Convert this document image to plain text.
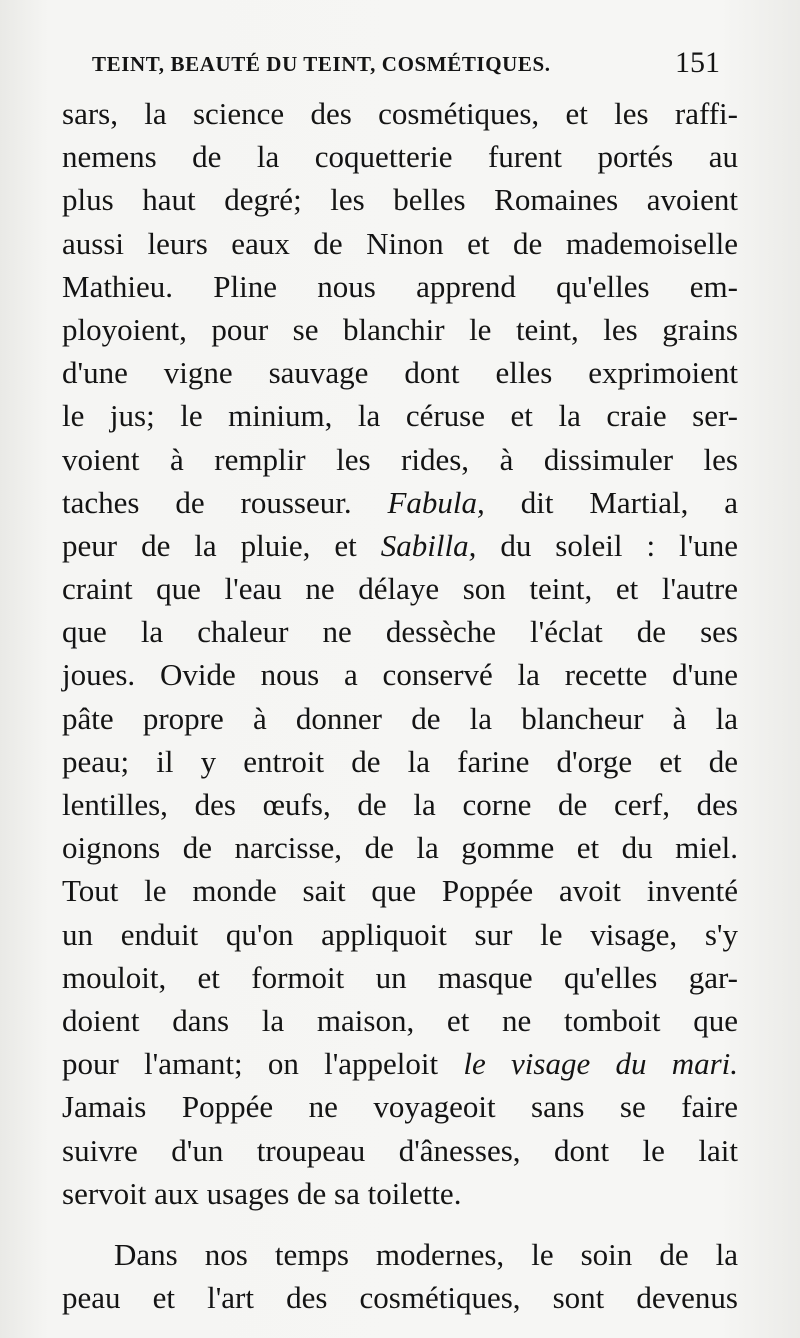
TEINT, BEAUTÉ DU TEINT, COSMÉTIQUES.	151
sars, la science des cosmétiques, et les raffi-
nemens de la coquetterie furent portés au
plus haut degré; les belles Romaines avoient
aussi leurs eaux de Ninon et de mademoiselle
Mathieu. Pline nous apprend qu'elles em-
ployoient, pour se blanchir le teint, les grains
d'une vigne sauvage dont elles exprimoient
le jus; le minium, la céruse et la craie ser-
voient à remplir les rides, à dissimuler les
taches de rousseur. Fabula, dit Martial, a
peur de la pluie, et Sabilla, du soleil : l'une
craint que l'eau ne délaye son teint, et l'autre
que la chaleur ne dessèche l'éclat de ses
joues. Ovide nous a conservé la recette d'une
pâte propre à donner de la blancheur à la
peau; il y entroit de la farine d'orge et de
lentilles, des œufs, de la corne de cerf, des
oignons de narcisse, de la gomme et du miel.
Tout le monde sait que Poppée avoit inventé
un enduit qu'on appliquoit sur le visage, s'y
mouloit, et formoit un masque qu'elles gar-
doient dans la maison, et ne tomboit que
pour l'amant; on l'appeloit le visage du mari.
Jamais Poppée ne voyageoit sans se faire
suivre d'un troupeau d'ânesses, dont le lait
servoit aux usages de sa toilette.
Dans nos temps modernes, le soin de la
peau et l'art des cosmétiques, sont devenus
